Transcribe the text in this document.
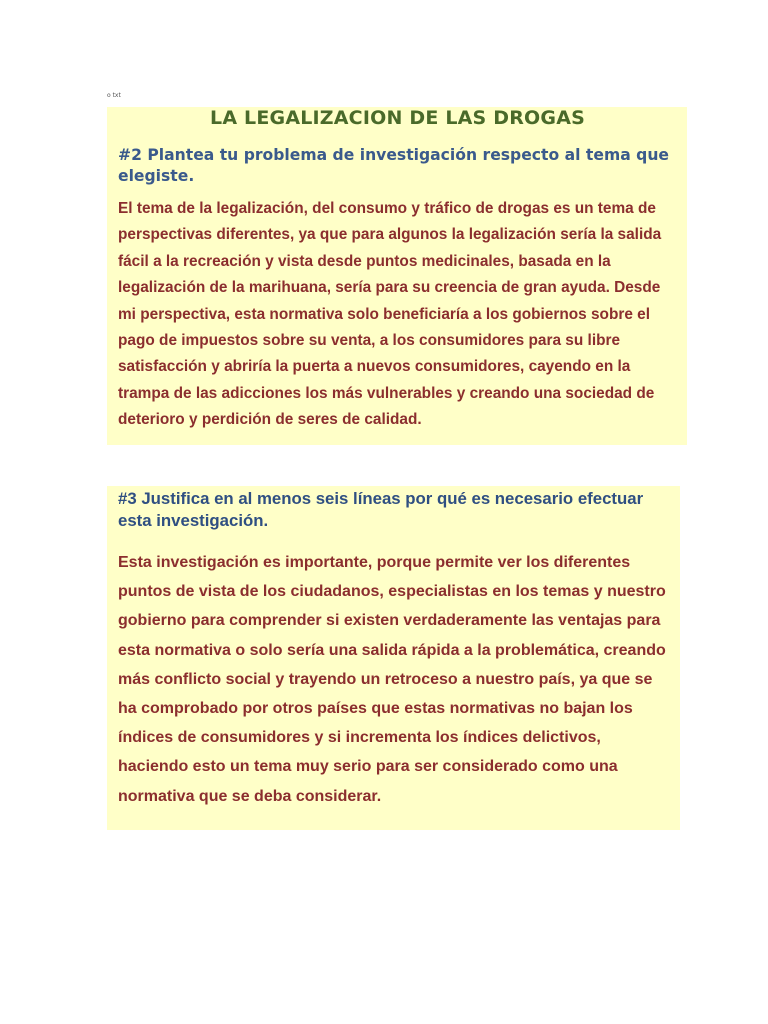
o txt
LA LEGALIZACION DE LAS DROGAS
#2 Plantea tu problema de investigación respecto al tema que elegiste.

El tema de la legalización, del consumo y tráfico de drogas es un tema de perspectivas diferentes, ya que para algunos la legalización sería la salida fácil a la recreación y vista desde puntos medicinales, basada en la legalización de la marihuana, sería para su creencia de gran ayuda. Desde mi perspectiva, esta normativa solo beneficiaría a los gobiernos sobre el pago de impuestos sobre su venta, a los consumidores para su libre satisfacción y abriría la puerta a nuevos consumidores, cayendo en la trampa de las adicciones los más vulnerables y creando una sociedad de deterioro y perdición de seres de calidad.

#3 Justifica en al menos seis líneas por qué es necesario efectuar esta investigación.

Esta investigación es importante, porque permite ver los diferentes puntos de vista de los ciudadanos, especialistas en los temas y nuestro gobierno para comprender si existen verdaderamente las ventajas para esta normativa o solo sería una salida rápida a la problemática, creando más conflicto social y trayendo un retroceso a nuestro país, ya que se ha comprobado por otros países que estas normativas no bajan los índices de consumidores y si incrementa los índices delictivos, haciendo esto un tema muy serio para ser considerado como una normativa que se deba considerar.
